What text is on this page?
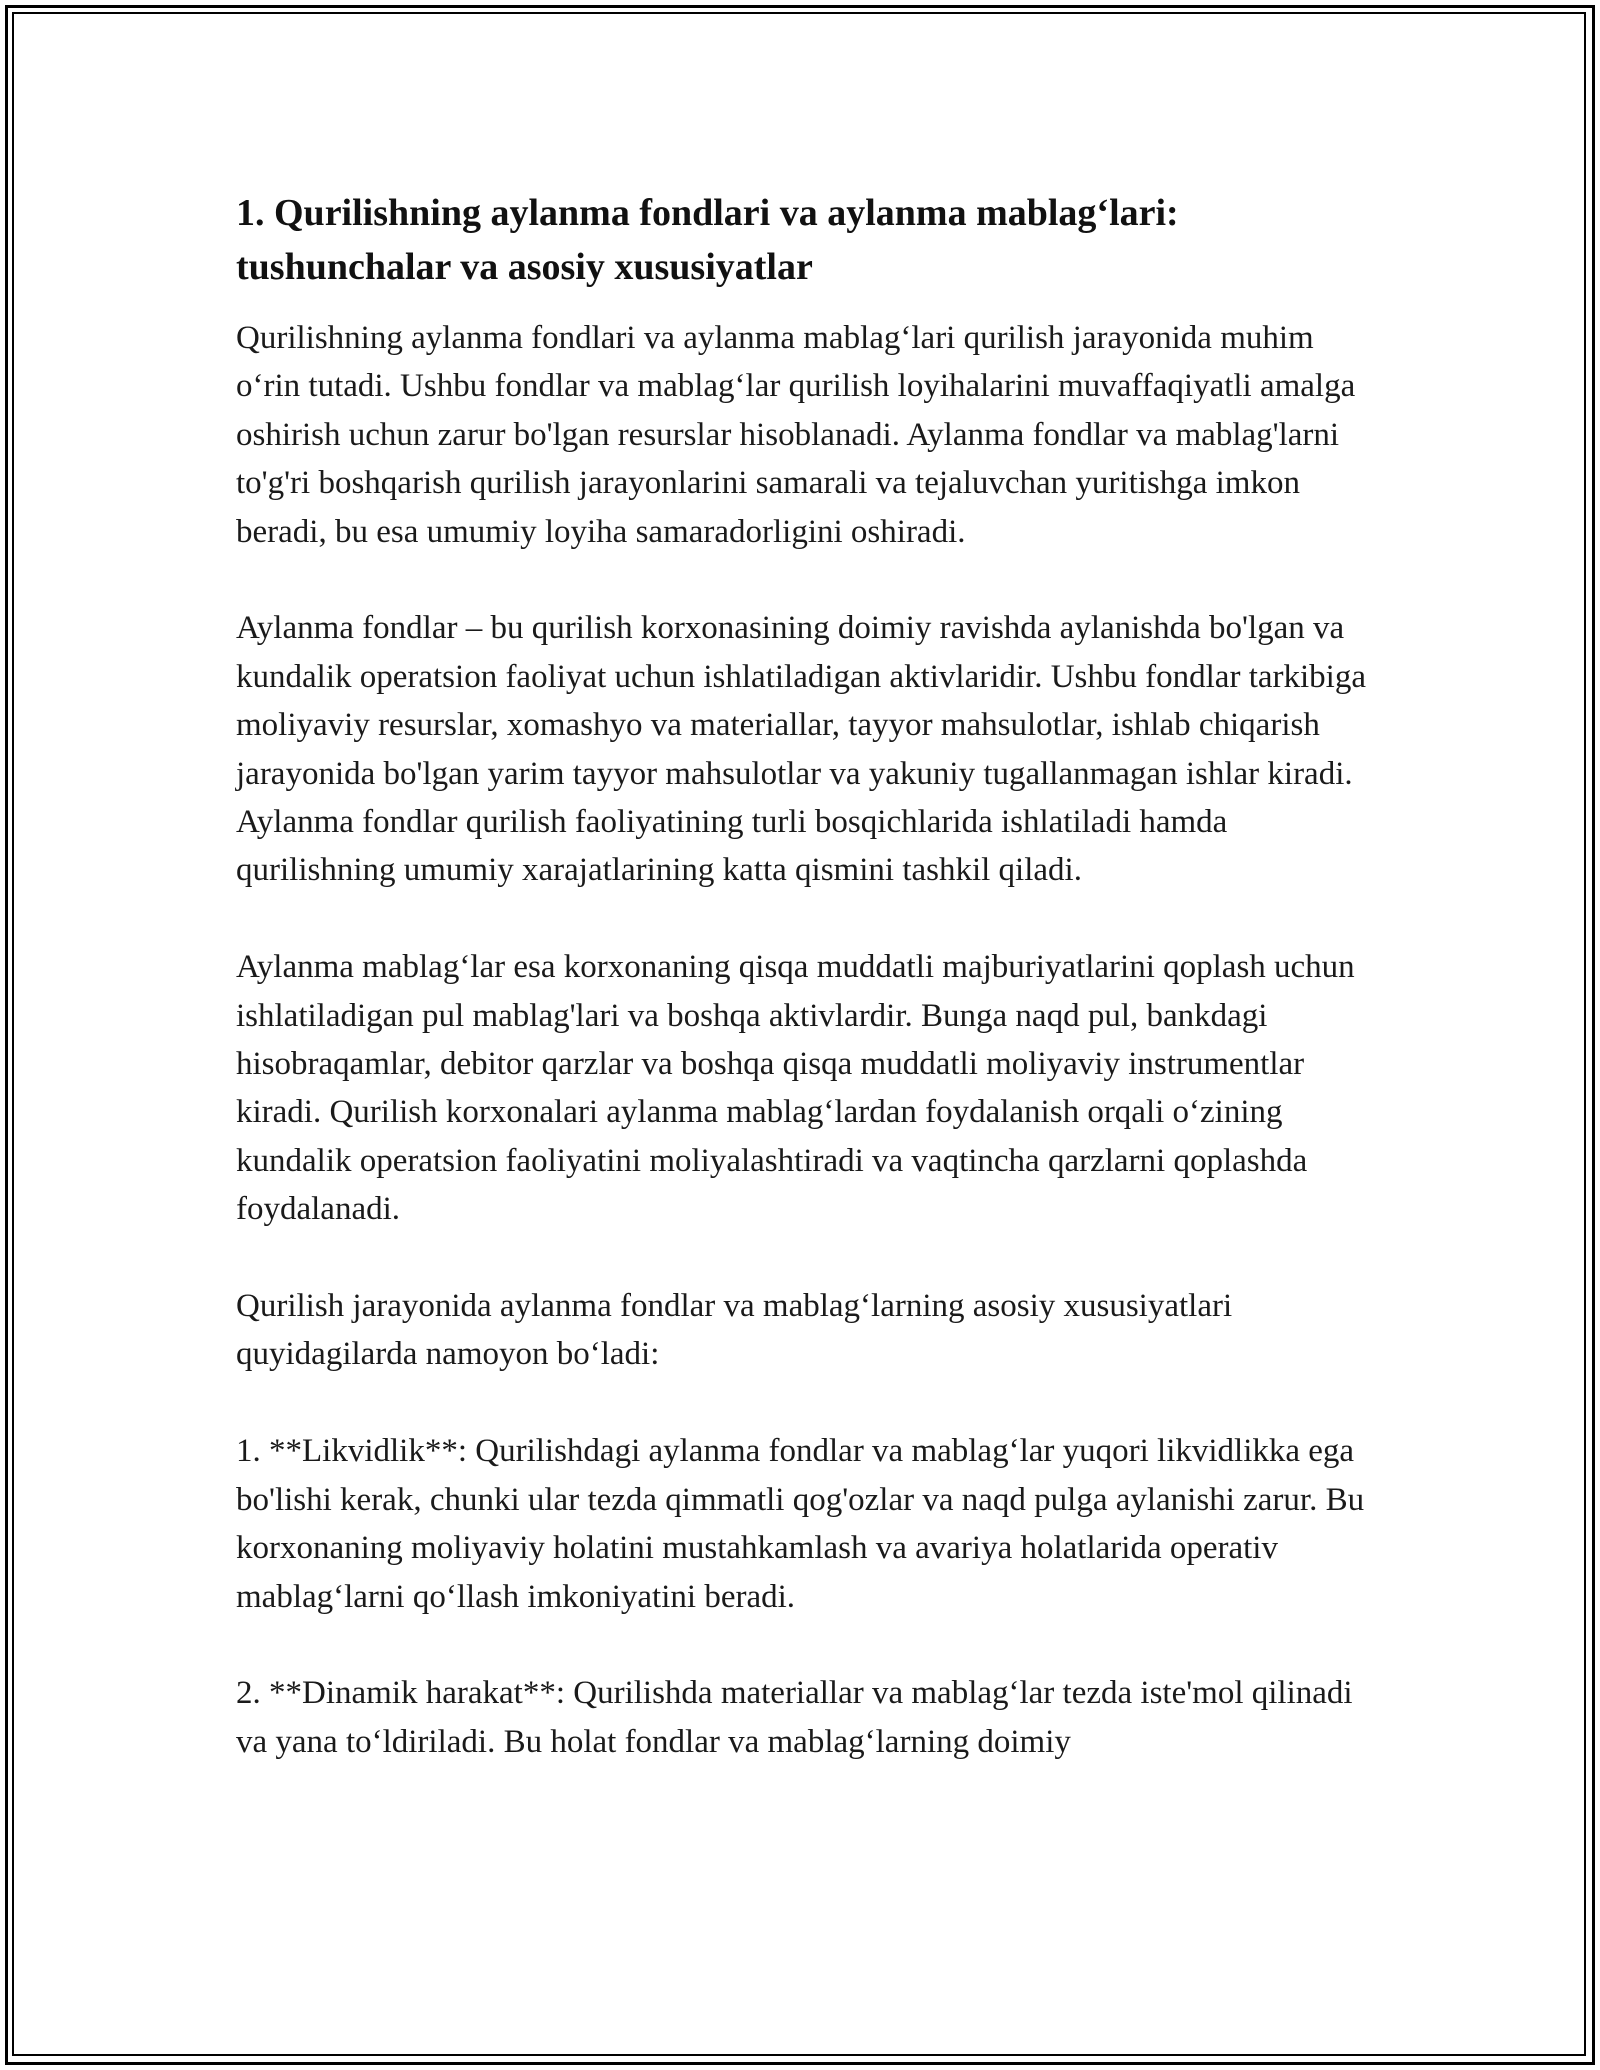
1. Qurilishning aylanma fondlari va aylanma mablag‘lari: tushunchalar va asosiy xususiyatlar

Qurilishning aylanma fondlari va aylanma mablag‘lari qurilish jarayonida muhim o‘rin tutadi. Ushbu fondlar va mablag‘lar qurilish loyihalarini muvaffaqiyatli amalga oshirish uchun zarur bo'lgan resurslar hisoblanadi. Aylanma fondlar va mablag'larni to'g'ri boshqarish qurilish jarayonlarini samarali va tejaluvchan yuritishga imkon beradi, bu esa umumiy loyiha samaradorligini oshiradi.

Aylanma fondlar – bu qurilish korxonasining doimiy ravishda aylanishda bo'lgan va kundalik operatsion faoliyat uchun ishlatiladigan aktivlaridir. Ushbu fondlar tarkibiga moliyaviy resurslar, xomashyo va materiallar, tayyor mahsulotlar, ishlab chiqarish jarayonida bo'lgan yarim tayyor mahsulotlar va yakuniy tugallanmagan ishlar kiradi. Aylanma fondlar qurilish faoliyatining turli bosqichlarida ishlatiladi hamda qurilishning umumiy xarajatlarining katta qismini tashkil qiladi.

Aylanma mablag‘lar esa korxonaning qisqa muddatli majburiyatlarini qoplash uchun ishlatiladigan pul mablag'lari va boshqa aktivlardir. Bunga naqd pul, bankdagi hisobraqamlar, debitor qarzlar va boshqa qisqa muddatli moliyaviy instrumentlar kiradi. Qurilish korxonalari aylanma mablag‘lardan foydalanish orqali o‘zining kundalik operatsion faoliyatini moliyalashtiradi va vaqtincha qarzlarni qoplashda foydalanadi.

Qurilish jarayonida aylanma fondlar va mablag‘larning asosiy xususiyatlari quyidagilarda namoyon bo‘ladi:

1. **Likvidlik**: Qurilishdagi aylanma fondlar va mablag‘lar yuqori likvidlikka ega bo'lishi kerak, chunki ular tezda qimmatli qog'ozlar va naqd pulga aylanishi zarur. Bu korxonaning moliyaviy holatini mustahkamlash va avariya holatlarida operativ mablag‘larni qo‘llash imkoniyatini beradi.

2. **Dinamik harakat**: Qurilishda materiallar va mablag‘lar tezda iste'mol qilinadi va yana to‘ldiriladi. Bu holat fondlar va mablag‘larning doimiy
